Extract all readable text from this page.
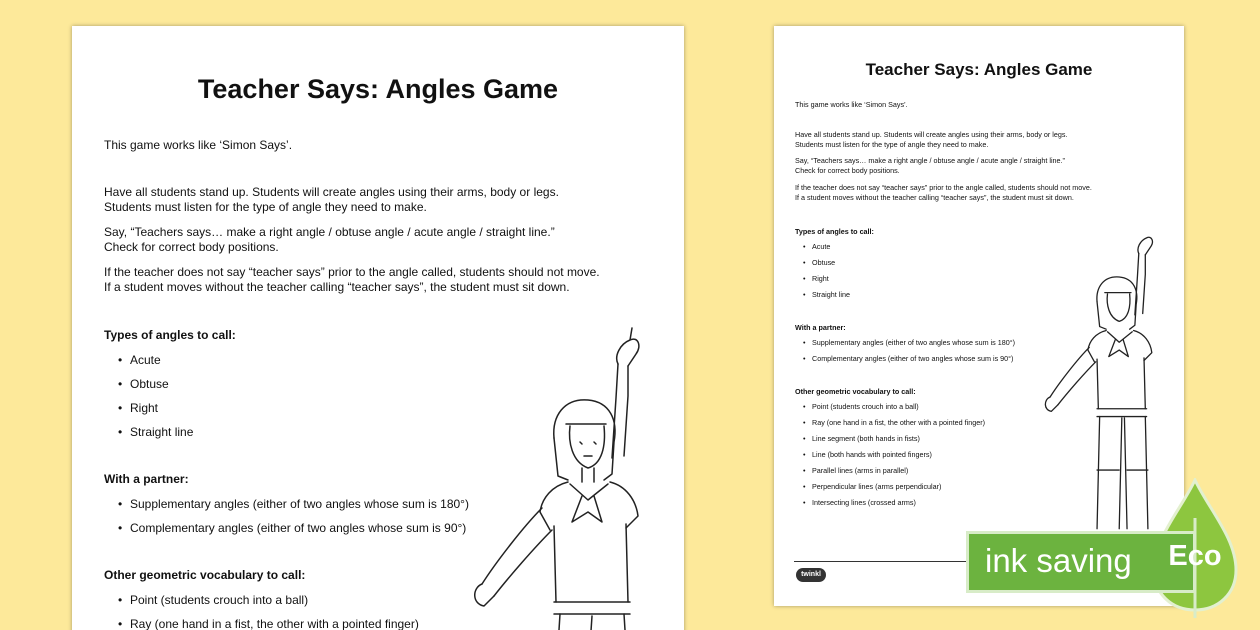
Teacher Says: Angles Game
This game works like ‘Simon Says’.
Have all students stand up. Students will create angles using their arms, body or legs.
Students must listen for the type of angle they need to make.
Say, “Teachers says… make a right angle / obtuse angle / acute angle / straight line.”
Check for correct body positions.
If the teacher does not say “teacher says” prior to the angle called, students should not move.
If a student moves without the teacher calling “teacher says”, the student must sit down.
Types of angles to call:
• Acute
• Obtuse
• Right
• Straight line
With a partner:
• Supplementary angles (either of two angles whose sum is 180°)
• Complementary angles (either of two angles whose sum is 90°)
Other geometric vocabulary to call:
• Point (students crouch into a ball)
• Ray (one hand in a fist, the other with a pointed finger)
Teacher Says: Angles Game
This game works like ‘Simon Says’.
Have all students stand up. Students will create angles using their arms, body or legs.
Students must listen for the type of angle they need to make.
Say, “Teachers says… make a right angle / obtuse angle / acute angle / straight line.”
Check for correct body positions.
If the teacher does not say “teacher says” prior to the angle called, students should not move.
If a student moves without the teacher calling “teacher says”, the student must sit down.
Types of angles to call:
• Acute
• Obtuse
• Right
• Straight line
With a partner:
• Supplementary angles (either of two angles whose sum is 180°)
• Complementary angles (either of two angles whose sum is 90°)
Other geometric vocabulary to call:
• Point (students crouch into a ball)
• Ray (one hand in a fist, the other with a pointed finger)
• Line segment (both hands in fists)
• Line (both hands with pointed fingers)
• Parallel lines (arms in parallel)
• Perpendicular lines (arms perpendicular)
• Intersecting lines (crossed arms)
twinkl	ink saving	Eco
